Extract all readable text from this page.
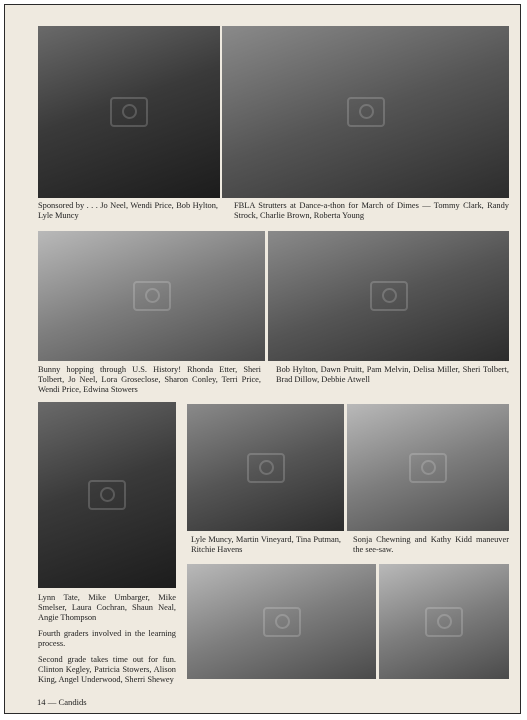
Sponsored by . . . Jo Neel, Wendi Price, Bob Hylton, Lyle Muncy
FBLA Strutters at Dance-a-thon for March of Dimes — Tommy Clark, Randy Strock, Charlie Brown, Roberta Young
Bunny hopping through U.S. History! Rhonda Etter, Sheri Tolbert, Jo Neel, Lora Groseclose, Sharon Conley, Terri Price, Wendi Price, Edwina Stowers
Bob Hylton, Dawn Pruitt, Pam Melvin, Delisa Miller, Sheri Tolbert, Brad Dillow, Debbie Atwell
Lyle Muncy, Martin Vineyard, Tina Putman, Ritchie Havens
Sonja Chewning and Kathy Kidd maneuver the see-saw.

Lynn Tate, Mike Umbarger, Mike Smelser, Laura Cochran, Shaun Neal, Angie Thompson

Fourth graders involved in the learning process.

Second grade takes time out for fun. Clinton Kegley, Patricia Stowers, Alison King, Angel Underwood, Sherri Shewey

14 — Candids
